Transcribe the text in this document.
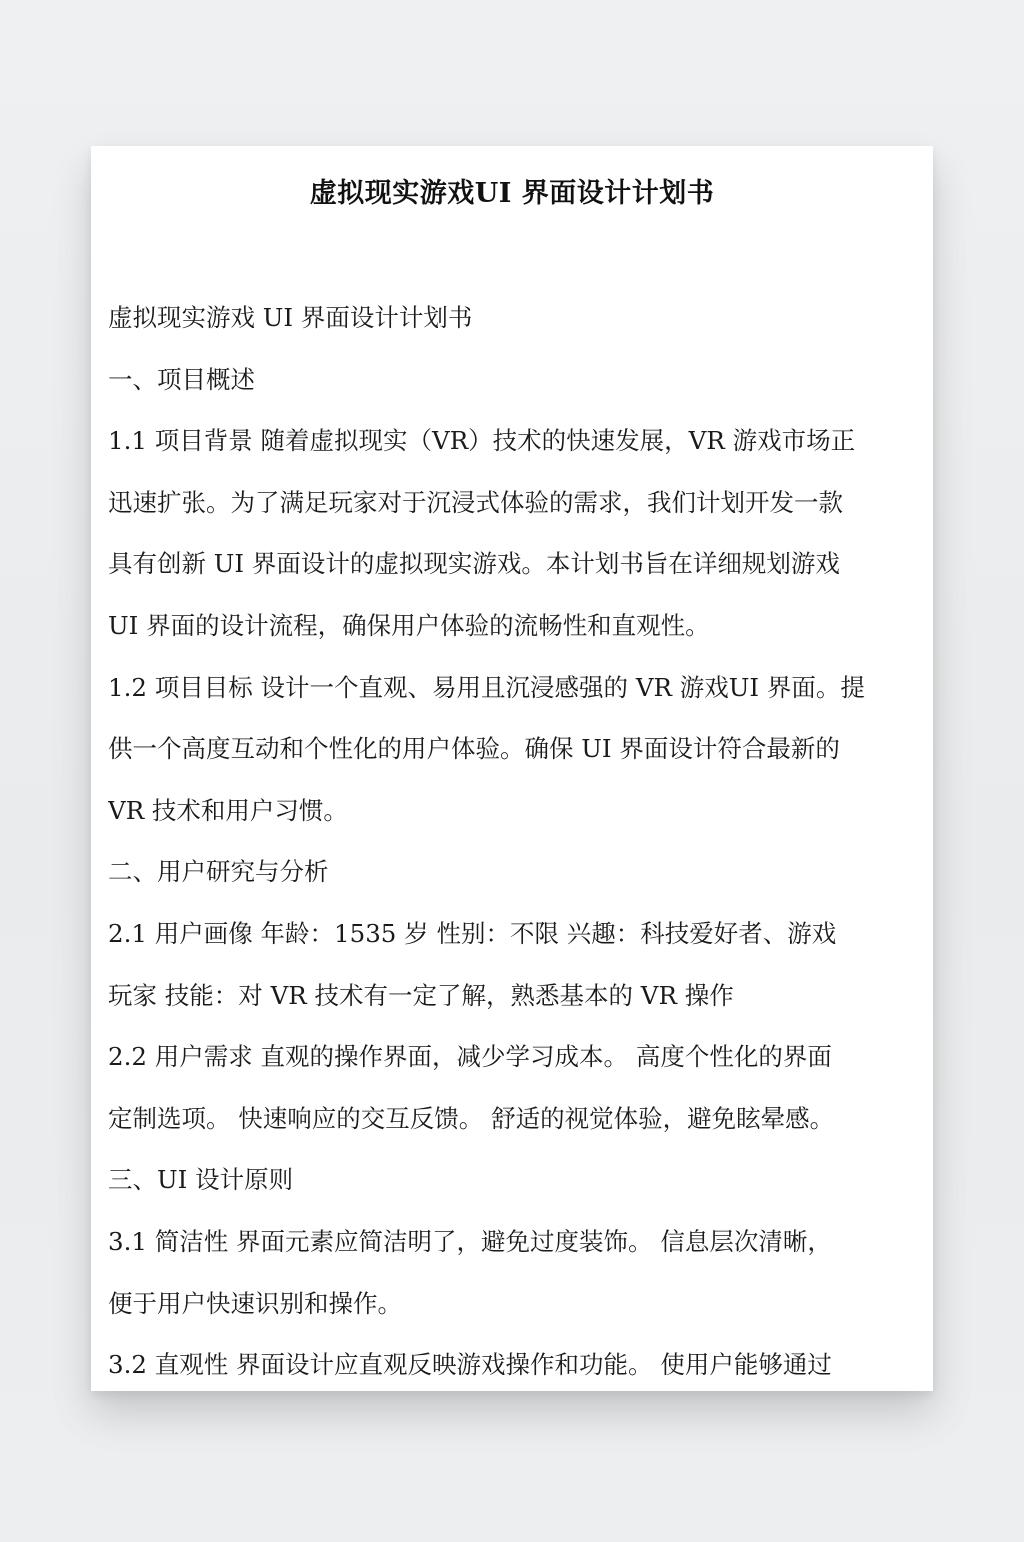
虚拟现实游戏UI 界面设计计划书
虚拟现实游戏 UI 界面设计计划书
一、项目概述
1.1 项目背景 随着虚拟现实（VR）技术的快速发展，VR 游戏市场正
迅速扩张。为了满足玩家对于沉浸式体验的需求，我们计划开发一款
具有创新 UI 界面设计的虚拟现实游戏。本计划书旨在详细规划游戏
UI 界面的设计流程，确保用户体验的流畅性和直观性。
1.2 项目目标 设计一个直观、易用且沉浸感强的 VR 游戏UI 界面。提
供一个高度互动和个性化的用户体验。确保 UI 界面设计符合最新的
VR 技术和用户习惯。
二、用户研究与分析
2.1 用户画像 年龄：1535 岁 性别：不限 兴趣：科技爱好者、游戏
玩家 技能：对 VR 技术有一定了解，熟悉基本的 VR 操作
2.2 用户需求 直观的操作界面，减少学习成本。 高度个性化的界面
定制选项。 快速响应的交互反馈。 舒适的视觉体验，避免眩晕感。
三、UI 设计原则
3.1 简洁性 界面元素应简洁明了，避免过度装饰。 信息层次清晰，
便于用户快速识别和操作。
3.2 直观性 界面设计应直观反映游戏操作和功能。 使用户能够通过
